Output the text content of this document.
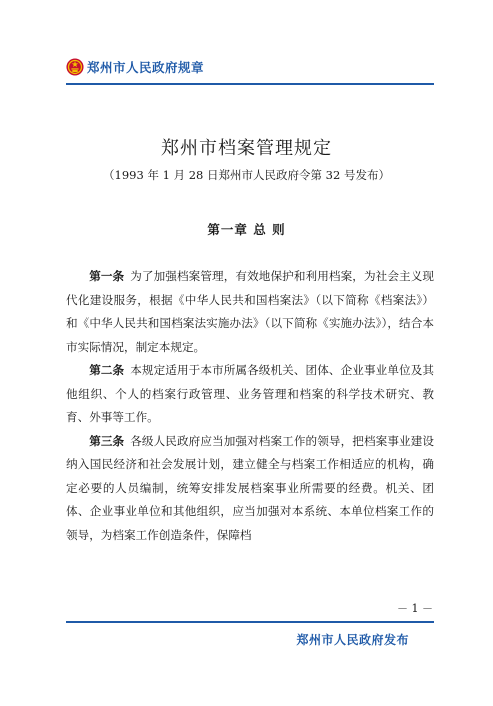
郑州市人民政府规章
郑州市档案管理规定
（1993 年 1 月 28 日郑州市人民政府令第 32 号发布）
第一章 总 则

第一条 为了加强档案管理，有效地保护和利用档案，为社会主义现代化建设服务，根据《中华人民共和国档案法》（以下简称《档案法》）和《中华人民共和国档案法实施办法》（以下简称《实施办法》），结合本市实际情况，制定本规定。

第二条 本规定适用于本市所属各级机关、团体、企业事业单位及其他组织、个人的档案行政管理、业务管理和档案的科学技术研究、教育、外事等工作。

第三条 各级人民政府应当加强对档案工作的领导，把档案事业建设纳入国民经济和社会发展计划，建立健全与档案工作相适应的机构，确定必要的人员编制，统筹安排发展档案事业所需要的经费。机关、团体、企业事业单位和其他组织，应当加强对本系统、本单位档案工作的领导，为档案工作创造条件，保障档

－ 1 －
郑州市人民政府发布
